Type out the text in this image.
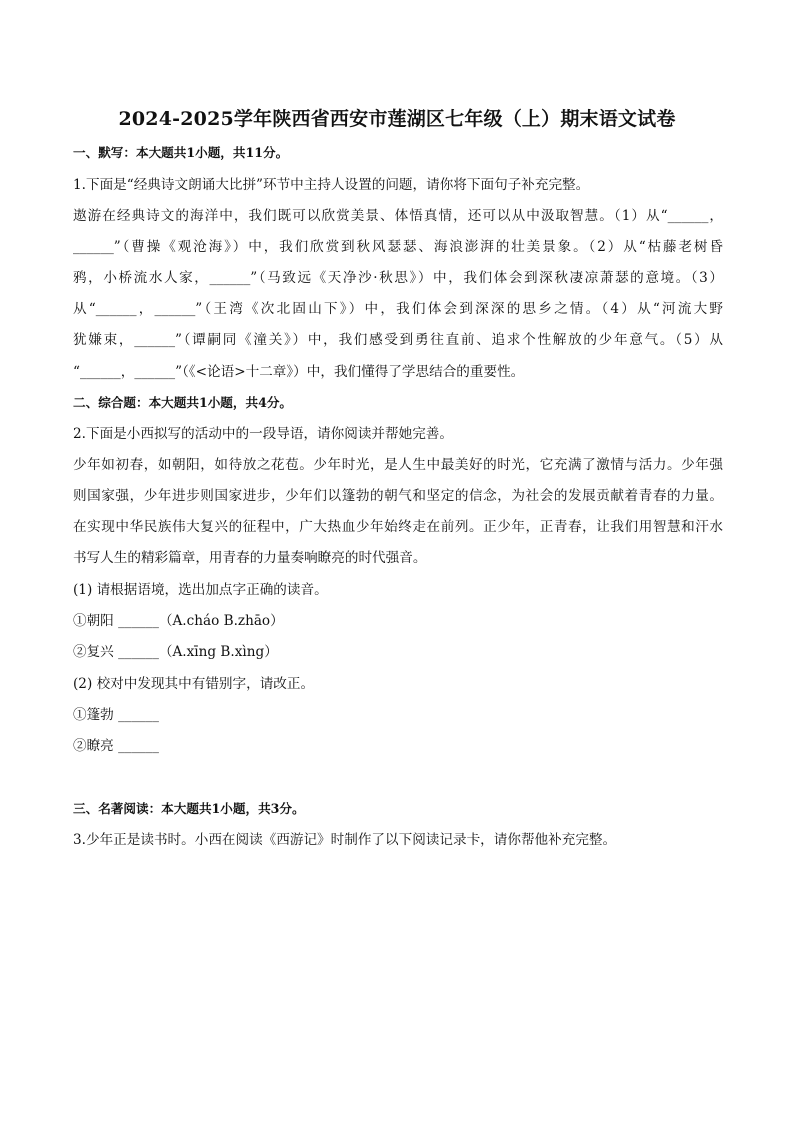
2024-2025学年陕西省西安市莲湖区七年级（上）期末语文试卷
一、默写：本大题共1小题，共11分。
1.下面是“经典诗文朗诵大比拼”环节中主持人设置的问题，请你将下面句子补充完整。
遨游在经典诗文的海洋中，我们既可以欣赏美景、体悟真情，还可以从中汲取智慧。（1）从“______，
______”（曹操《观沧海》）中，我们欣赏到秋风瑟瑟、海浪澎湃的壮美景象。（2）从“枯藤老树昏
鸦，小桥流水人家，______”（马致远《天净沙·秋思》）中，我们体会到深秋凄凉萧瑟的意境。（3）
从“______，______”（王湾《次北固山下》）中，我们体会到深深的思乡之情。（4）从“河流大野
犹嫌束，______”（谭嗣同《潼关》）中，我们感受到勇往直前、追求个性解放的少年意气。（5）从
“______，______”（《<论语>十二章》）中，我们懂得了学思结合的重要性。
二、综合题：本大题共1小题，共4分。
2.下面是小西拟写的活动中的一段导语，请你阅读并帮她完善。
少年如初春，如朝阳，如待放之花苞。少年时光，是人生中最美好的时光，它充满了激情与活力。少年强
则国家强，少年进步则国家进步，少年们以篷勃的朝气和坚定的信念，为社会的发展贡献着青春的力量。
在实现中华民族伟大复兴的征程中，广大热血少年始终走在前列。正少年，正青春，让我们用智慧和汗水
书写人生的精彩篇章，用青春的力量奏响瞭亮的时代强音。
(1) 请根据语境，选出加点字正确的读音。
①朝阳 ______（A.cháo B.zhāo）
②复兴 ______（A.xīng B.xìng）
(2) 校对中发现其中有错别字，请改正。
①篷勃 ______
②瞭亮 ______
三、名著阅读：本大题共1小题，共3分。
3.少年正是读书时。小西在阅读《西游记》时制作了以下阅读记录卡，请你帮他补充完整。
